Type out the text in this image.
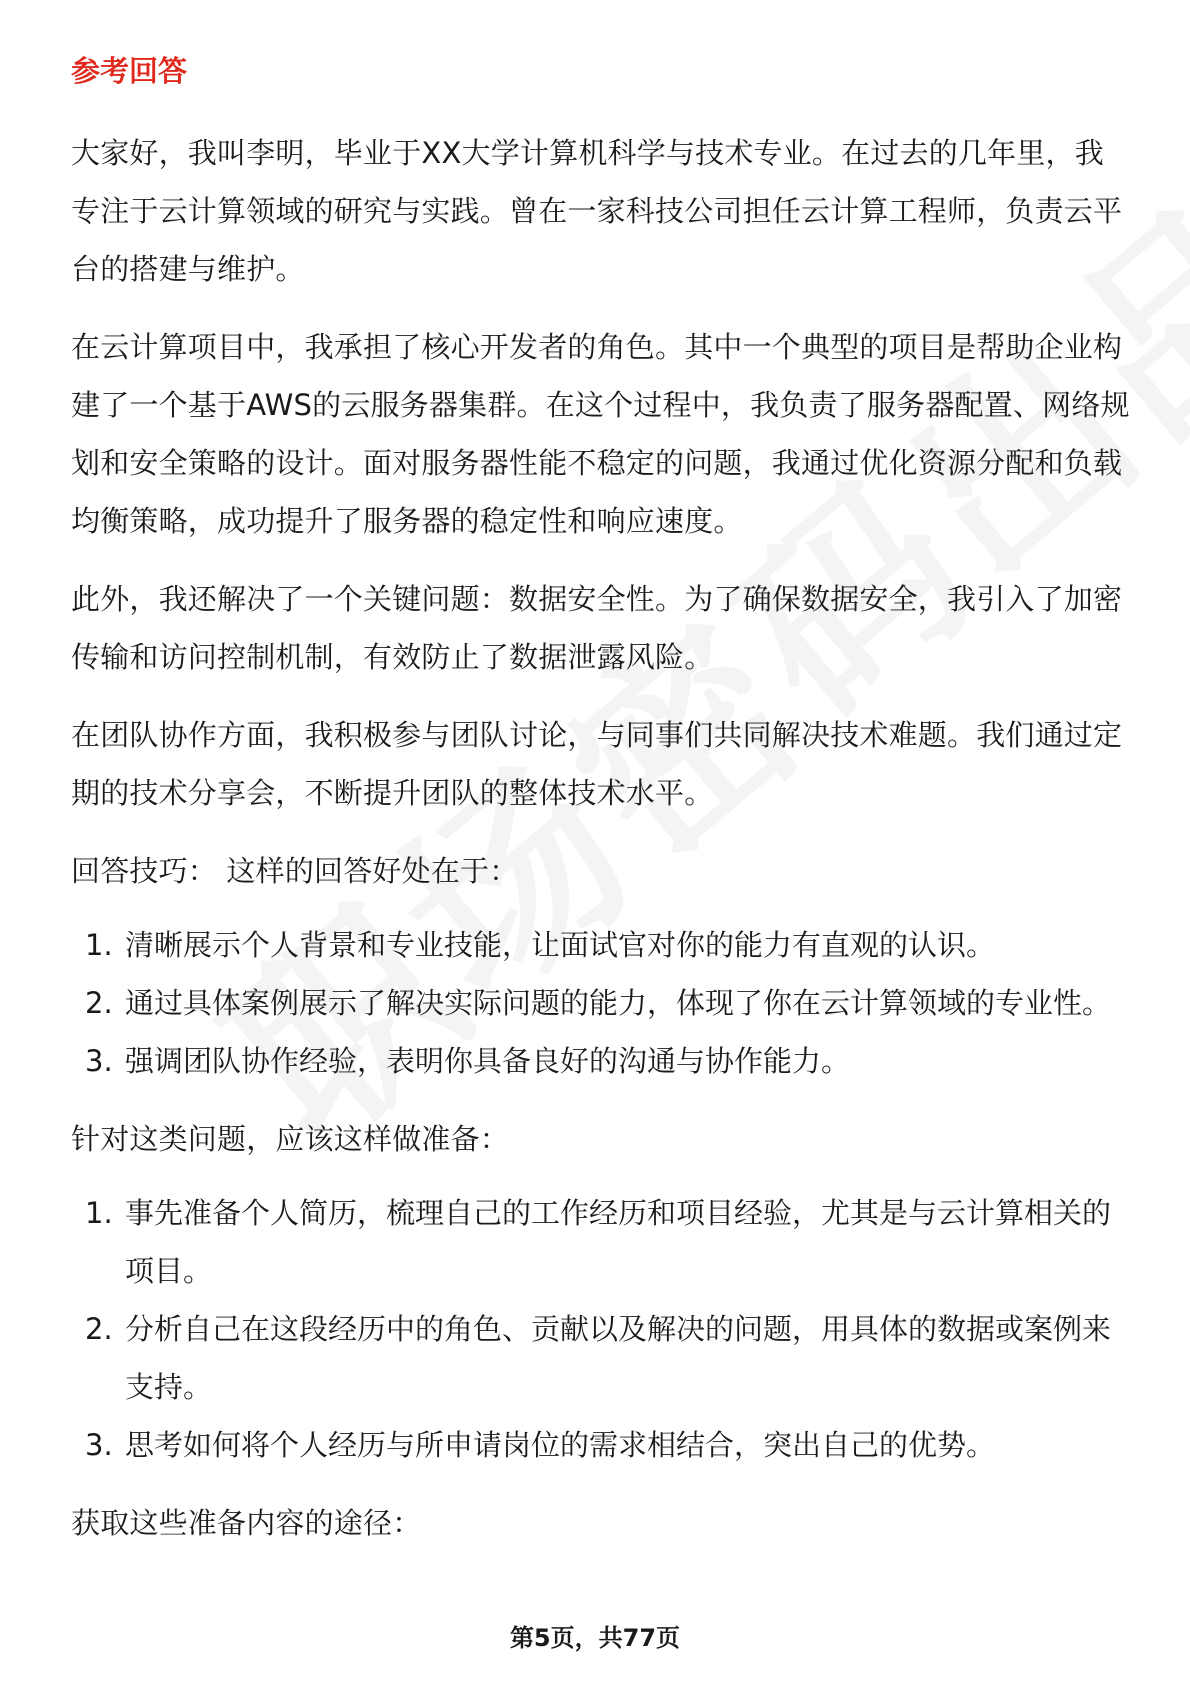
参考回答

大家好，我叫李明，毕业于XX大学计算机科学与技术专业。在过去的几年里，我专注于云计算领域的研究与实践。曾在一家科技公司担任云计算工程师，负责云平台的搭建与维护。

在云计算项目中，我承担了核心开发者的角色。其中一个典型的项目是帮助企业构建了一个基于AWS的云服务器集群。在这个过程中，我负责了服务器配置、网络规划和安全策略的设计。面对服务器性能不稳定的问题，我通过优化资源分配和负载均衡策略，成功提升了服务器的稳定性和响应速度。

此外，我还解决了一个关键问题：数据安全性。为了确保数据安全，我引入了加密传输和访问控制机制，有效防止了数据泄露风险。

在团队协作方面，我积极参与团队讨论，与同事们共同解决技术难题。我们通过定期的技术分享会，不断提升团队的整体技术水平。

回答技巧： 这样的回答好处在于：

1. 清晰展示个人背景和专业技能，让面试官对你的能力有直观的认识。
2. 通过具体案例展示了解决实际问题的能力，体现了你在云计算领域的专业性。
3. 强调团队协作经验，表明你具备良好的沟通与协作能力。

针对这类问题，应该这样做准备：

1. 事先准备个人简历，梳理自己的工作经历和项目经验，尤其是与云计算相关的项目。
2. 分析自己在这段经历中的角色、贡献以及解决的问题，用具体的数据或案例来支持。
3. 思考如何将个人经历与所申请岗位的需求相结合，突出自己的优势。

获取这些准备内容的途径：

第5页，共77页
